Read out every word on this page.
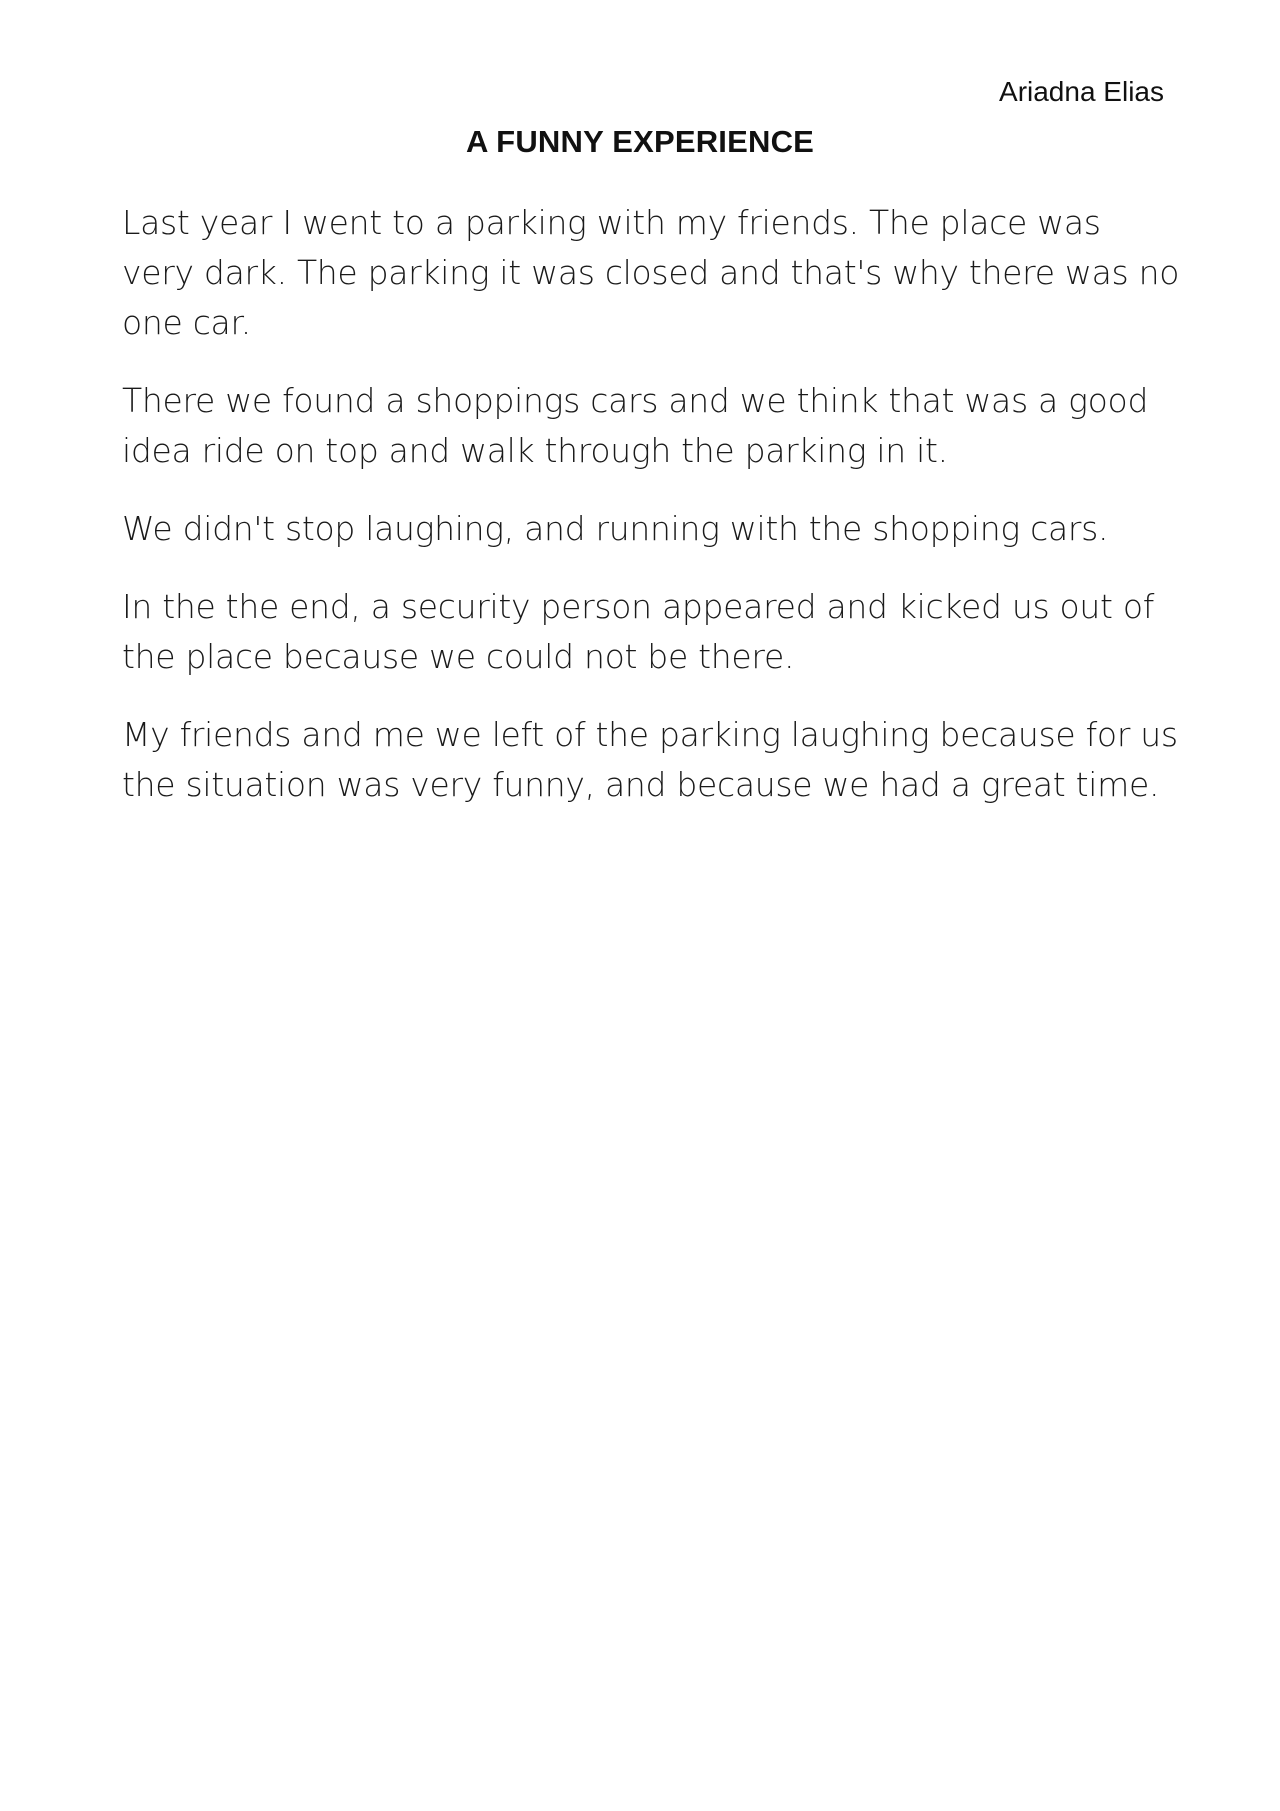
Ariadna Elias
A FUNNY EXPERIENCE

Last year I went to a parking with my friends. The place was very dark. The parking it was closed and that's why there was no one car.

There we found a shoppings cars and we think that was a good idea ride on top and walk through the parking in it.

We didn't stop laughing, and running with the shopping cars.

In the the end, a security person appeared and kicked us out of the place because we could not be there.

My friends and me we left of the parking laughing because for us the situation was very funny, and because we had a great time.
